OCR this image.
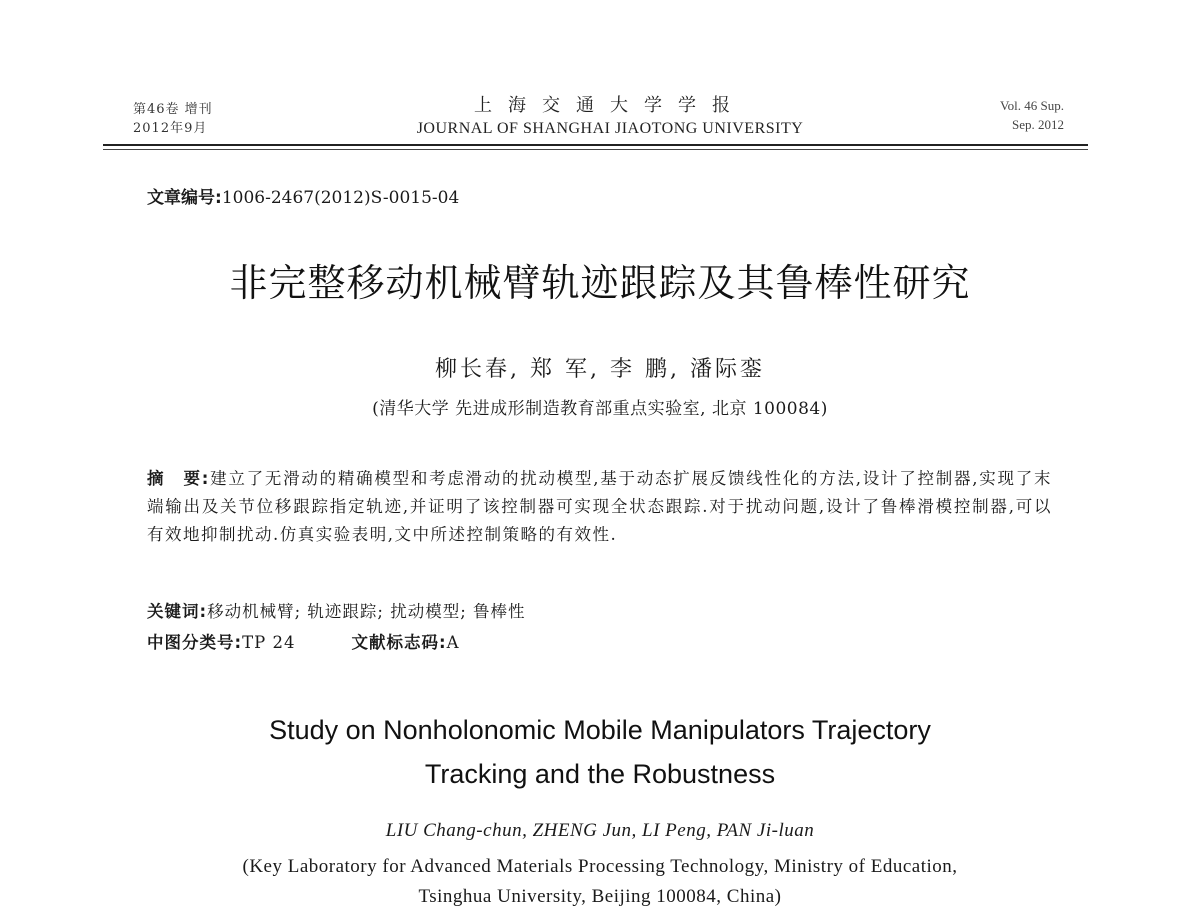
第46卷 增刊
2012年9月
上海交通大学学报
JOURNAL OF SHANGHAI JIAOTONG UNIVERSITY
Vol. 46 Sup.
Sep. 2012
文章编号:1006-2467(2012)S-0015-04
非完整移动机械臂轨迹跟踪及其鲁棒性研究
柳长春, 郑 军, 李 鹏, 潘际銮
(清华大学 先进成形制造教育部重点实验室, 北京 100084)
摘　要:建立了无滑动的精确模型和考虑滑动的扰动模型,基于动态扩展反馈线性化的方法,设计了控制器,实现了末端输出及关节位移跟踪指定轨迹,并证明了该控制器可实现全状态跟踪.对于扰动问题,设计了鲁棒滑模控制器,可以有效地抑制扰动.仿真实验表明,文中所述控制策略的有效性.
关键词:移动机械臂; 轨迹跟踪; 扰动模型; 鲁棒性
中图分类号:TP 24	文献标志码:A
Study on Nonholonomic Mobile Manipulators Trajectory
Tracking and the Robustness
LIU Chang-chun, ZHENG Jun, LI Peng, PAN Ji-luan
(Key Laboratory for Advanced Materials Processing Technology, Ministry of Education,
Tsinghua University, Beijing 100084, China)
